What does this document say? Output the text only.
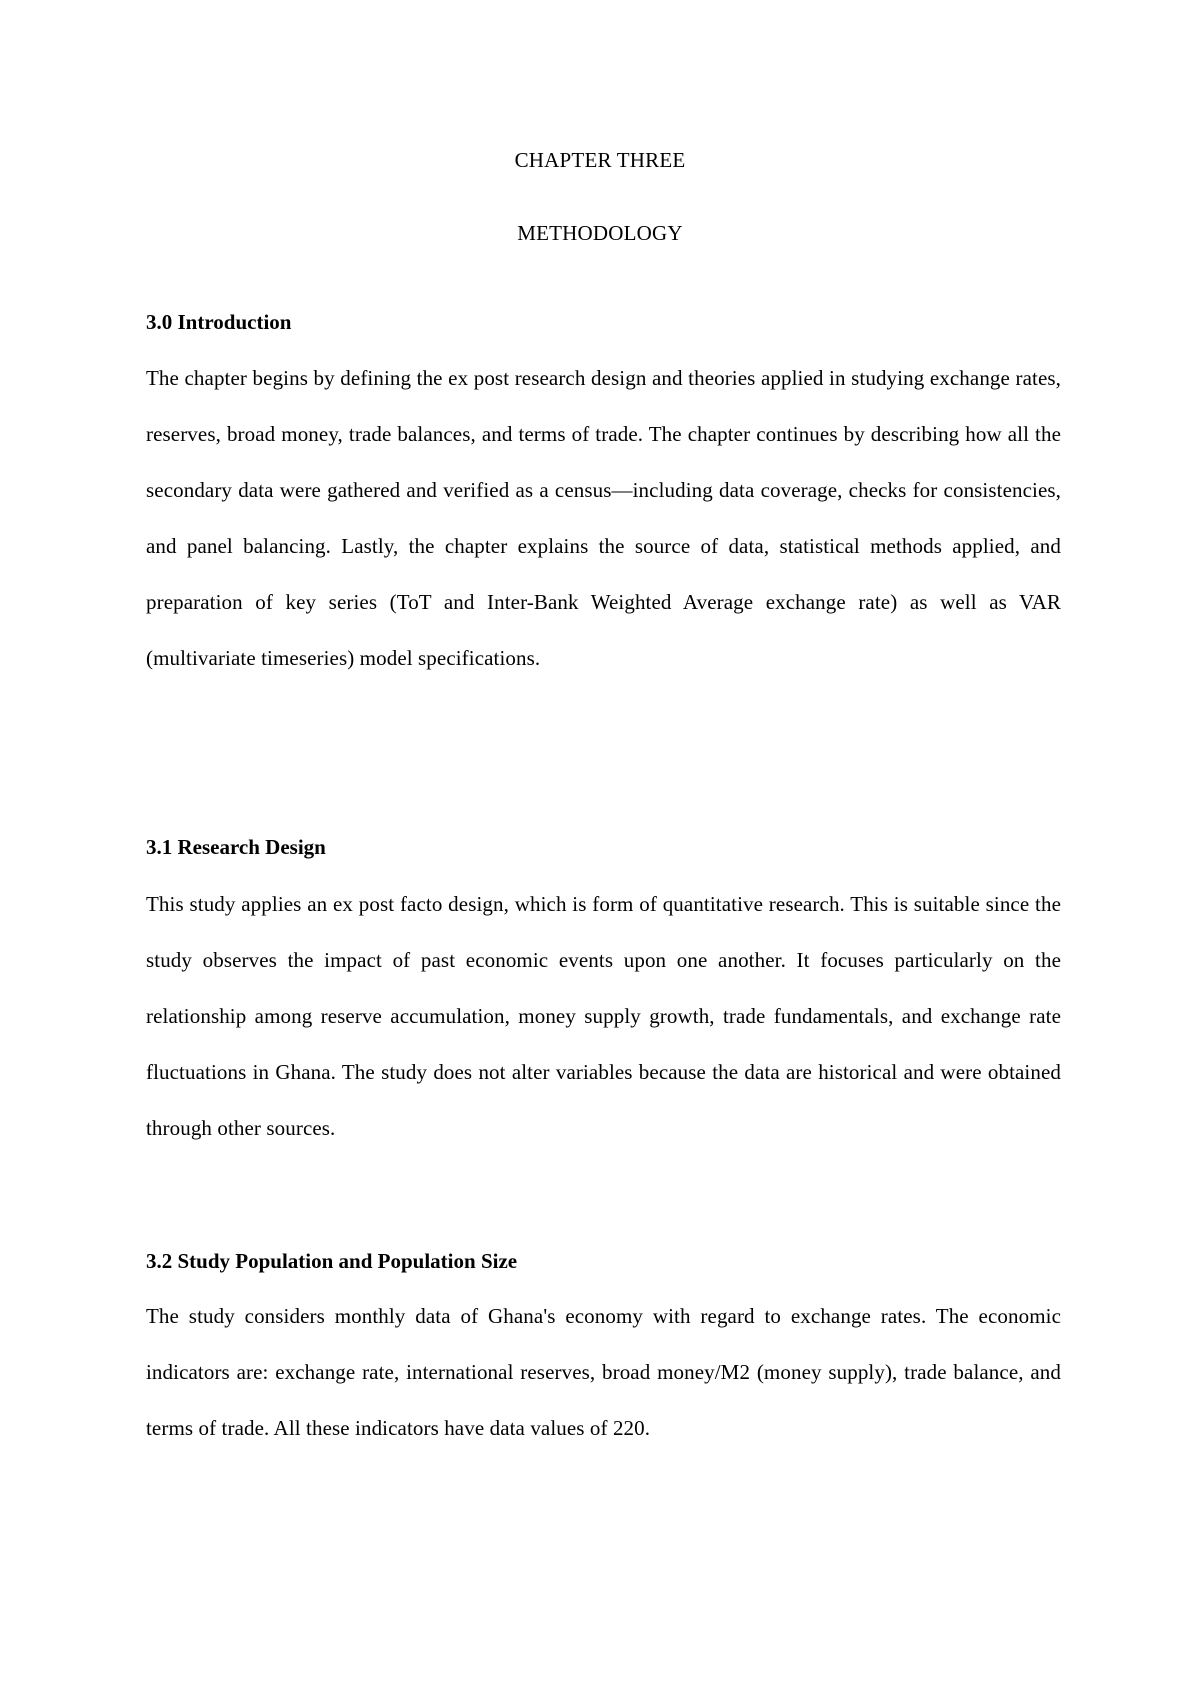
CHAPTER THREE
METHODOLOGY
3.0 Introduction

The chapter begins by defining the ex post research design and theories applied in studying exchange rates, reserves, broad money, trade balances, and terms of trade. The chapter continues by describing how all the secondary data were gathered and verified as a census—including data coverage, checks for consistencies, and panel balancing. Lastly, the chapter explains the source of data, statistical methods applied, and preparation of key series (ToT and Inter-Bank Weighted Average exchange rate) as well as VAR (multivariate timeseries) model specifications.

3.1 Research Design

This study applies an ex post facto design, which is form of quantitative research. This is suitable since the study observes the impact of past economic events upon one another. It focuses particularly on the relationship among reserve accumulation, money supply growth, trade fundamentals, and exchange rate fluctuations in Ghana. The study does not alter variables because the data are historical and were obtained through other sources.

3.2 Study Population and Population Size

The study considers monthly data of Ghana's economy with regard to exchange rates. The economic indicators are: exchange rate, international reserves, broad money/M2 (money supply), trade balance, and terms of trade. All these indicators have data values of 220.
